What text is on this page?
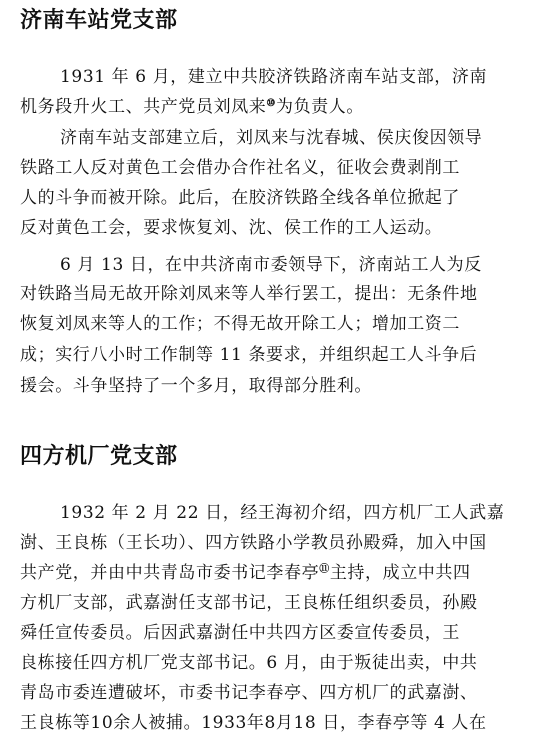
济南车站党支部

1931 年 6 月，建立中共胶济铁路济南车站支部，济南

机务段升火工、共产党员刘凤来⑩为负责人。

济南车站支部建立后，刘凤来与沈春城、侯庆俊因领导

铁路工人反对黄色工会借办合作社名义，征收会费剥削工

人的斗争而被开除。此后，在胶济铁路全线各单位掀起了

反对黄色工会，要求恢复刘、沈、侯工作的工人运动。

6 月 13 日，在中共济南市委领导下，济南站工人为反

对铁路当局无故开除刘凤来等人举行罢工，提出：无条件地

恢复刘凤来等人的工作；不得无故开除工人；增加工资二

成；实行八小时工作制等 11 条要求，并组织起工人斗争后

援会。斗争坚持了一个多月，取得部分胜利。

四方机厂党支部

1932 年 2 月 22 日，经王海初介绍，四方机厂工人武嘉

澍、王良栋（王长功）、四方铁路小学教员孙殿舜，加入中国

共产党，并由中共青岛市委书记李春亭⑪主持，成立中共四

方机厂支部，武嘉澍任支部书记，王良栋任组织委员，孙殿

舜任宣传委员。后因武嘉澍任中共四方区委宣传委员，王

良栋接任四方机厂党支部书记。6 月，由于叛徒出卖，中共

青岛市委连遭破坏，市委书记李春亭、四方机厂的武嘉澍、

王良栋等10余人被捕。1933年8月18 日，李春亭等 4 人在
